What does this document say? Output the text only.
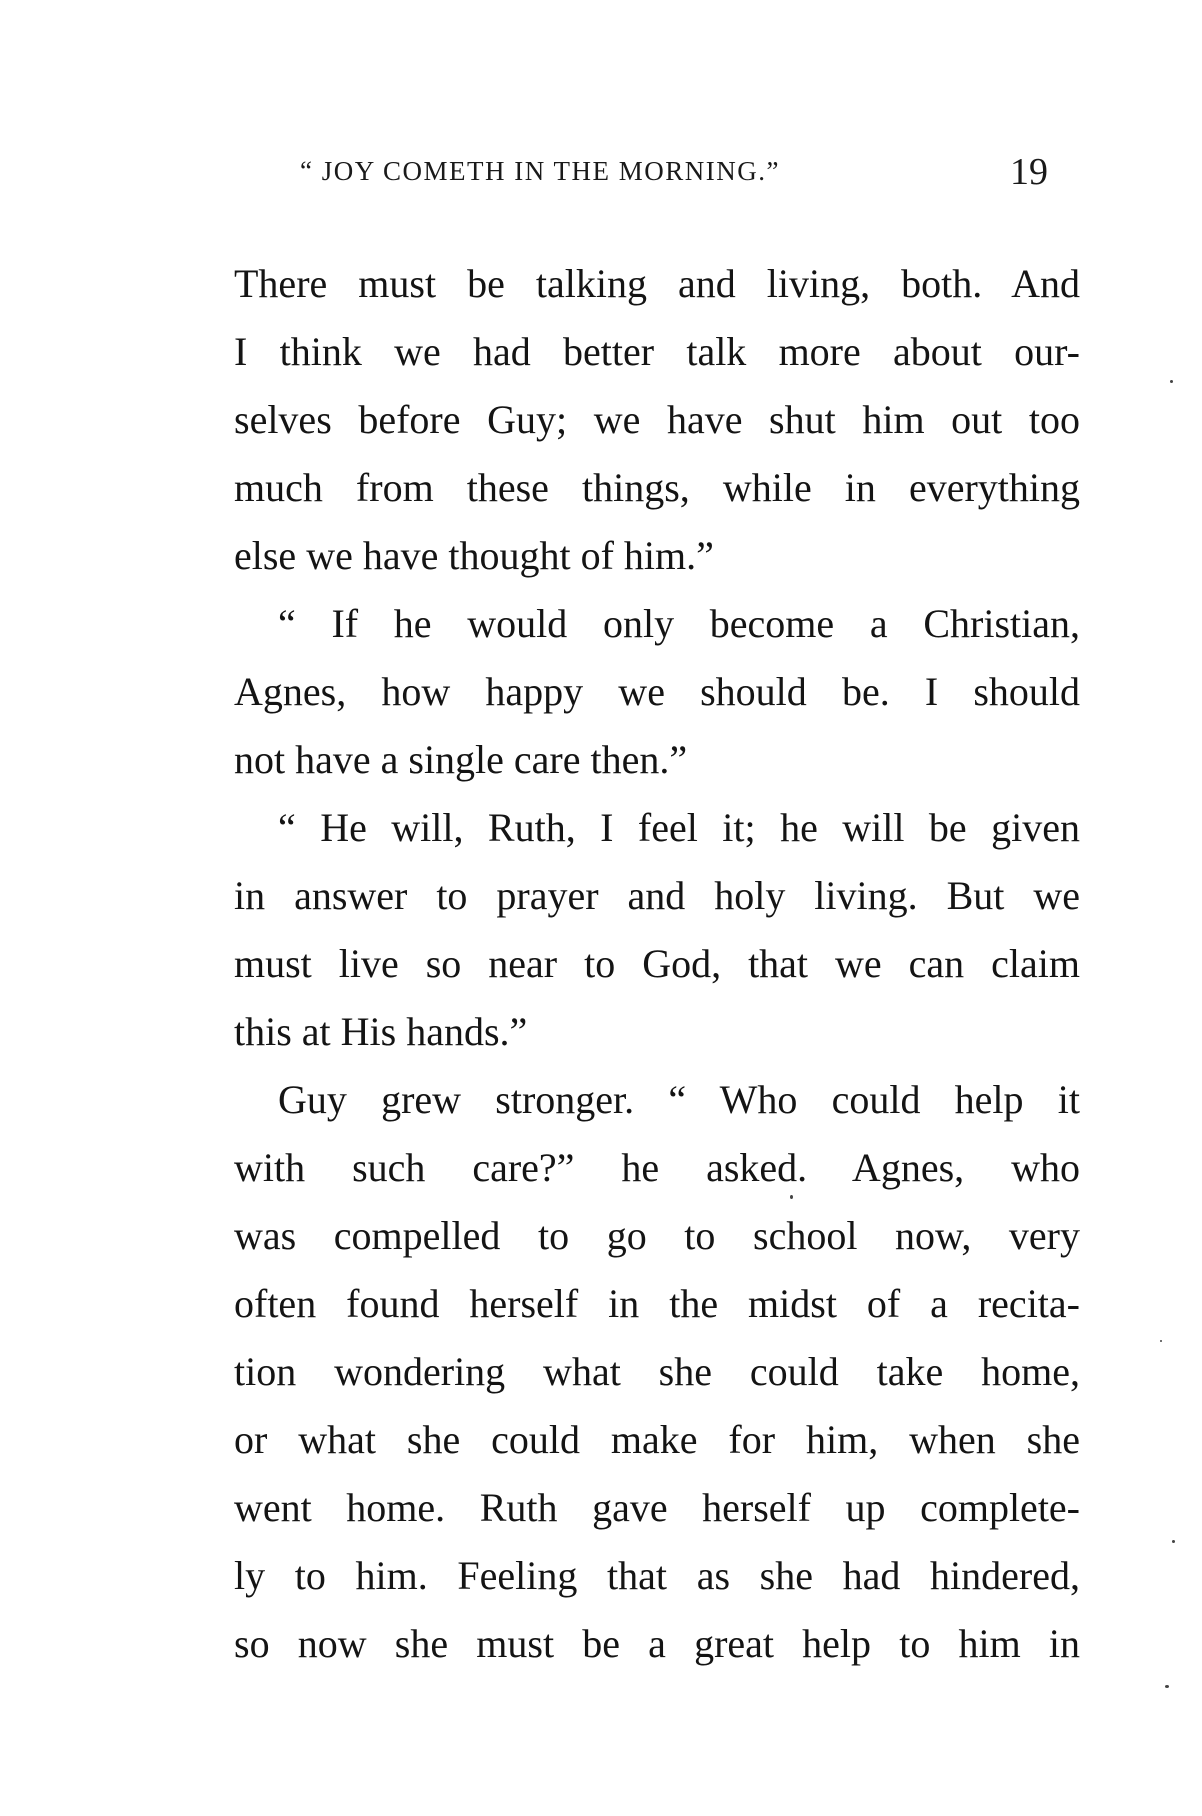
“ JOY COMETH IN THE MORNING.”	19
There must be talking and living, both. And
I think we had better talk more about our-
selves before Guy; we have shut him out too
much from these things, while in everything
else we have thought of him.”
“ If he would only become a Christian,
Agnes, how happy we should be. I should
not have a single care then.”
“ He will, Ruth, I feel it; he will be given
in answer to prayer and holy living. But we
must live so near to God, that we can claim
this at His hands.”
Guy grew stronger. “ Who could help it
with such care?” he asked. Agnes, who
was compelled to go to school now, very
often found herself in the midst of a recita-
tion wondering what she could take home,
or what she could make for him, when she
went home. Ruth gave herself up complete-
ly to him. Feeling that as she had hindered,
so now she must be a great help to him in
